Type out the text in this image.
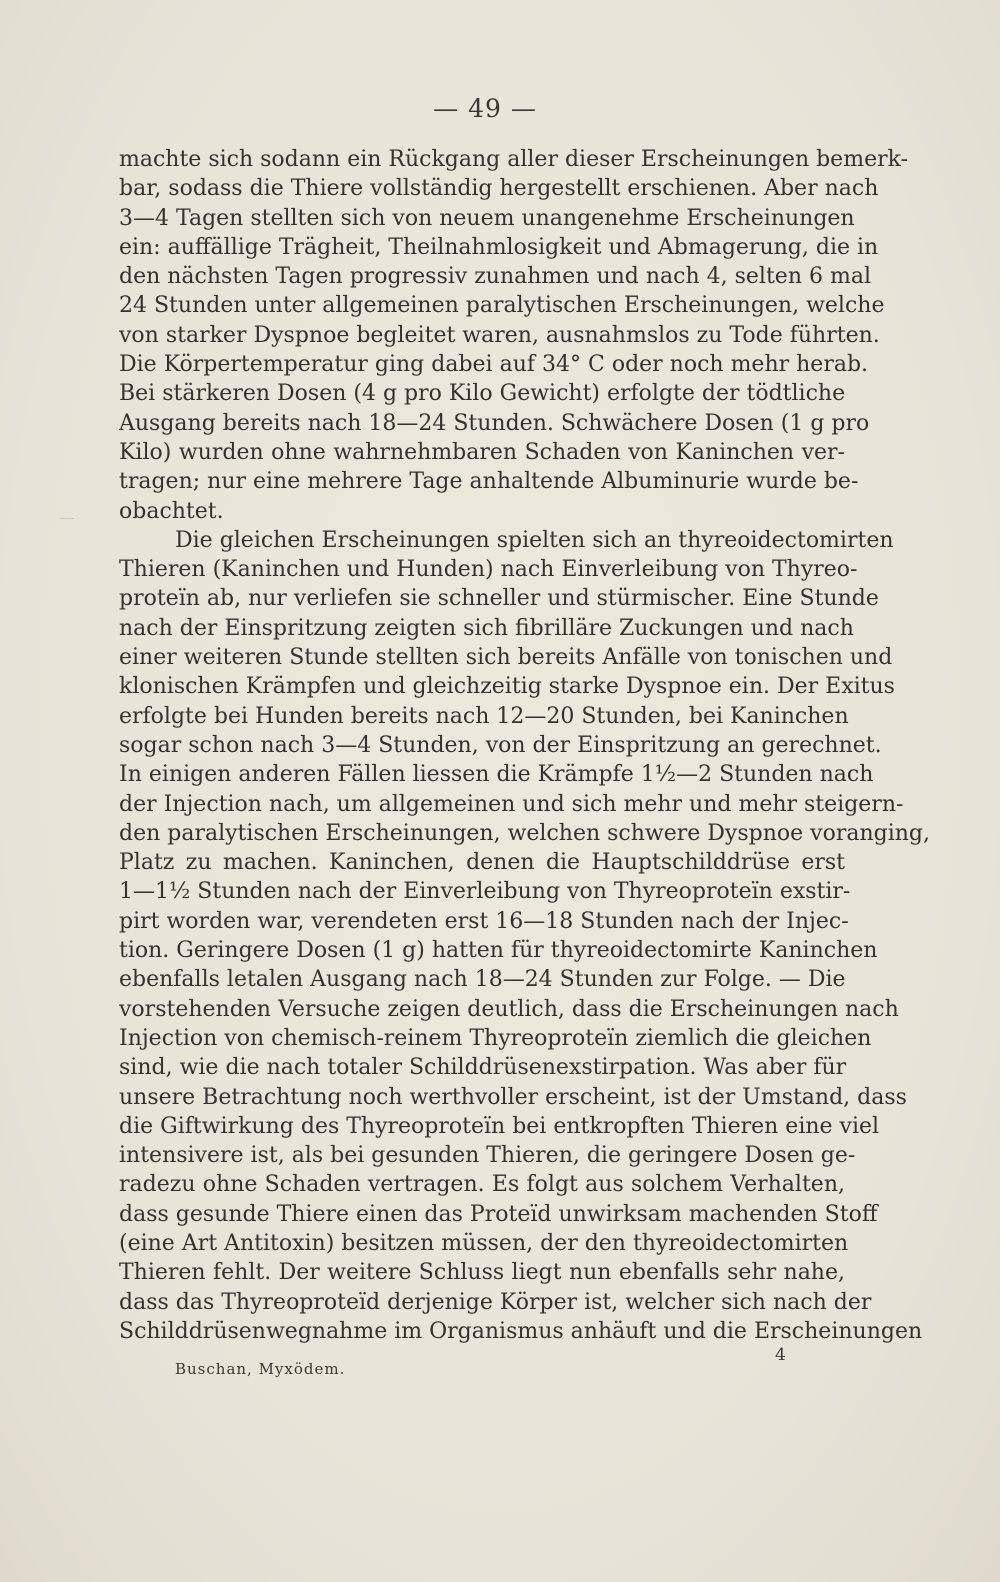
— 49 —
machte sich sodann ein Rückgang aller dieser Erscheinungen bemerk-
bar, sodass die Thiere vollständig hergestellt erschienen. Aber nach
3—4 Tagen stellten sich von neuem unangenehme Erscheinungen
ein: auffällige Trägheit, Theilnahmlosigkeit und Abmagerung, die in
den nächsten Tagen progressiv zunahmen und nach 4, selten 6 mal
24 Stunden unter allgemeinen paralytischen Erscheinungen, welche
von starker Dyspnoe begleitet waren, ausnahmslos zu Tode führten.
Die Körpertemperatur ging dabei auf 34° C oder noch mehr herab.
Bei stärkeren Dosen (4 g pro Kilo Gewicht) erfolgte der tödtliche
Ausgang bereits nach 18—24 Stunden. Schwächere Dosen (1 g pro
Kilo) wurden ohne wahrnehmbaren Schaden von Kaninchen ver-
tragen; nur eine mehrere Tage anhaltende Albuminurie wurde be-
obachtet.
Die gleichen Erscheinungen spielten sich an thyreoidectomirten
Thieren (Kaninchen und Hunden) nach Einverleibung von Thyreo-
proteïn ab, nur verliefen sie schneller und stürmischer. Eine Stunde
nach der Einspritzung zeigten sich fibrilläre Zuckungen und nach
einer weiteren Stunde stellten sich bereits Anfälle von tonischen und
klonischen Krämpfen und gleichzeitig starke Dyspnoe ein. Der Exitus
erfolgte bei Hunden bereits nach 12—20 Stunden, bei Kaninchen
sogar schon nach 3—4 Stunden, von der Einspritzung an gerechnet.
In einigen anderen Fällen liessen die Krämpfe 1½—2 Stunden nach
der Injection nach, um allgemeinen und sich mehr und mehr steigern-
den paralytischen Erscheinungen, welchen schwere Dyspnoe voranging,
Platz zu machen. Kaninchen, denen die Hauptschilddrüse erst
1—1½ Stunden nach der Einverleibung von Thyreoproteïn exstir-
pirt worden war, verendeten erst 16—18 Stunden nach der Injec-
tion. Geringere Dosen (1 g) hatten für thyreoidectomirte Kaninchen
ebenfalls letalen Ausgang nach 18—24 Stunden zur Folge. — Die
vorstehenden Versuche zeigen deutlich, dass die Erscheinungen nach
Injection von chemisch-reinem Thyreoproteïn ziemlich die gleichen
sind, wie die nach totaler Schilddrüsenexstirpation. Was aber für
unsere Betrachtung noch werthvoller erscheint, ist der Umstand, dass
die Giftwirkung des Thyreoproteïn bei entkropften Thieren eine viel
intensivere ist, als bei gesunden Thieren, die geringere Dosen ge-
radezu ohne Schaden vertragen. Es folgt aus solchem Verhalten,
dass gesunde Thiere einen das Proteïd unwirksam machenden Stoff
(eine Art Antitoxin) besitzen müssen, der den thyreoidectomirten
Thieren fehlt. Der weitere Schluss liegt nun ebenfalls sehr nahe,
dass das Thyreoproteïd derjenige Körper ist, welcher sich nach der
Schilddrüsenwegnahme im Organismus anhäuft und die Erscheinungen
4
Buschan, Myxödem.
